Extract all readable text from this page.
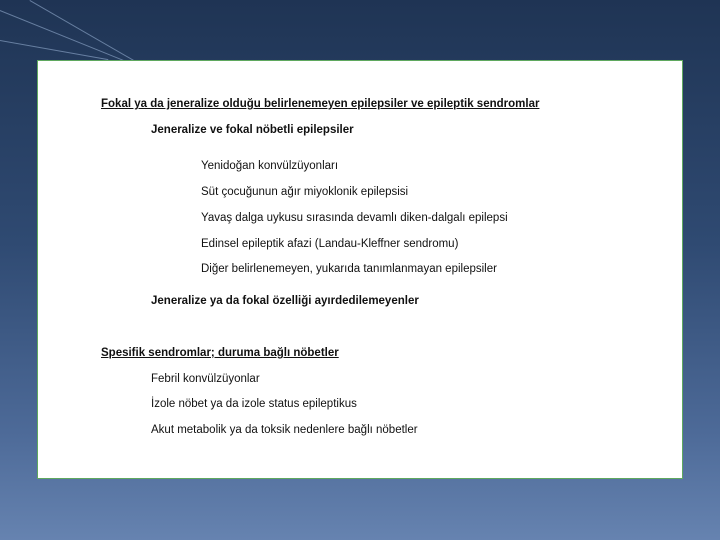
Fokal ya da jeneralize olduğu belirlenemeyen epilepsiler ve epileptik sendromlar
Jeneralize ve fokal nöbetli epilepsiler
Yenidoğan konvülzüyonları
Süt çocuğunun ağır miyoklonik epilepsisi
Yavaş dalga uykusu sırasında devamlı diken-dalgalı epilepsi
Edinsel epileptik afazi (Landau-Kleffner sendromu)
Diğer belirlenemeyen, yukarıda tanımlanmayan epilepsiler
Jeneralize ya da fokal özelliği ayırdedilemeyenler
Spesifik sendromlar; duruma bağlı nöbetler
Febril konvülzüyonlar
İzole nöbet ya da izole status epileptikus
Akut metabolik ya da toksik nedenlere bağlı nöbetler
